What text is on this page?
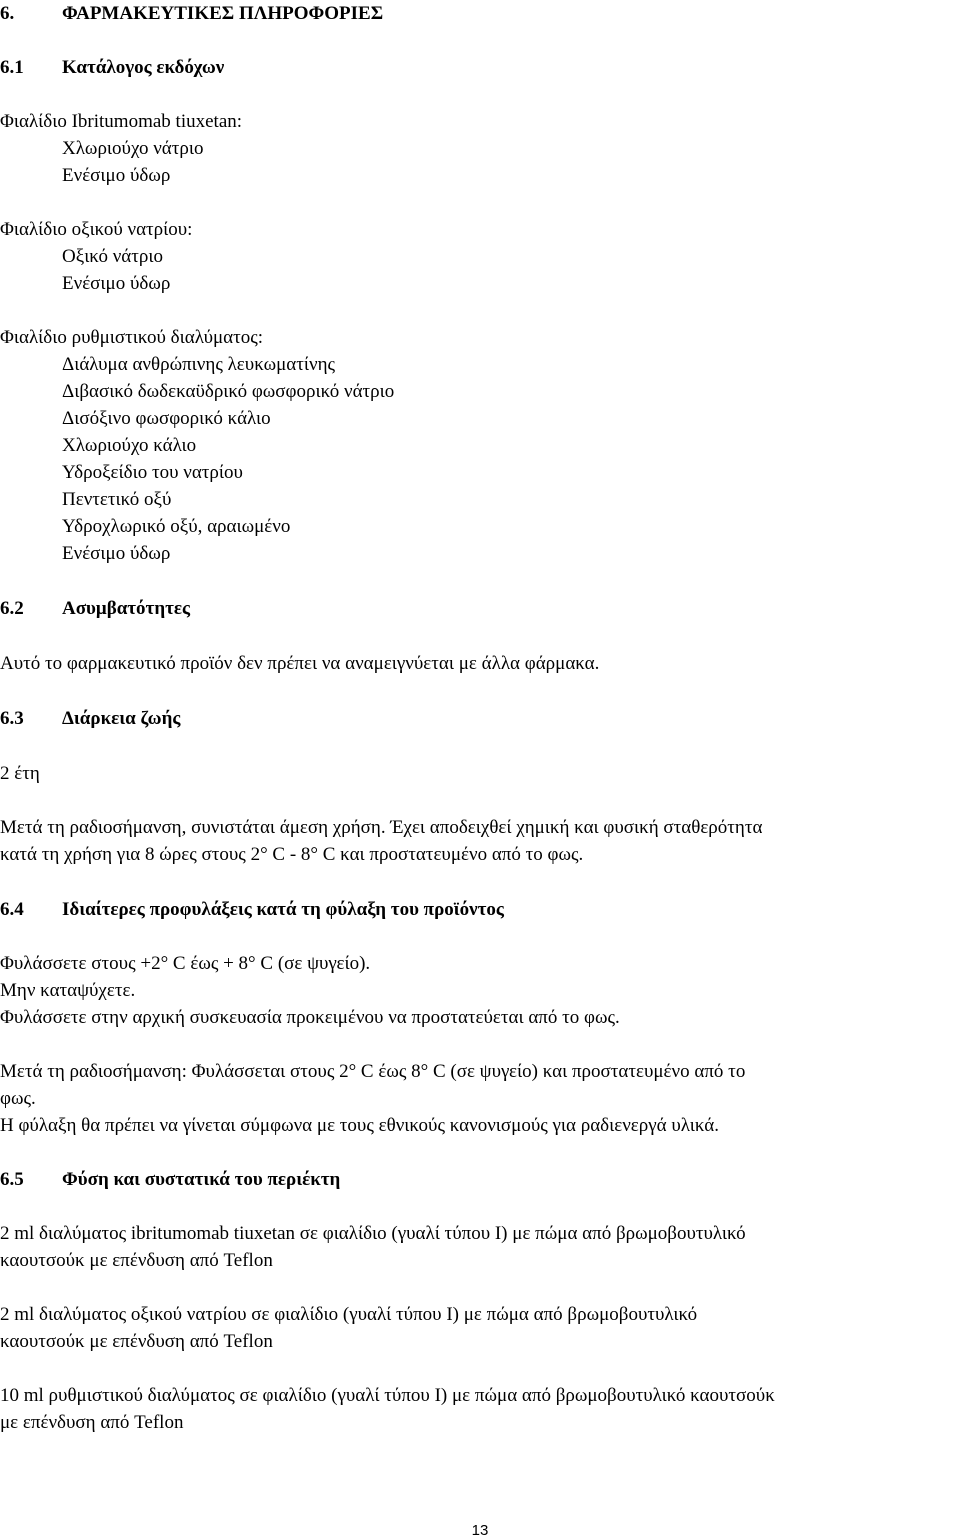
6.	ΦΑΡΜΑΚΕΥΤΙΚΕΣ ΠΛΗΡΟΦΟΡΙΕΣ
6.1 Κατάλογος εκδόχων
Φιαλίδιο Ibritumomab tiuxetan:
Χλωριούχο νάτριο
Ενέσιμο ύδωρ
Φιαλίδιο οξικού νατρίου:
Οξικό νάτριο
Ενέσιμο ύδωρ
Φιαλίδιο ρυθμιστικού διαλύματος:
Διάλυμα ανθρώπινης λευκωματίνης
Διβασικό δωδεκαϋδρικό φωσφορικό νάτριο
Δισόξινο φωσφορικό κάλιο
Χλωριούχο κάλιο
Υδροξείδιο του νατρίου
Πεντετικό οξύ
Υδροχλωρικό οξύ, αραιωμένο
Ενέσιμο ύδωρ
6.2 Ασυμβατότητες
Αυτό το φαρμακευτικό προϊόν δεν πρέπει να αναμειγνύεται με άλλα φάρμακα.
6.3 Διάρκεια ζωής
2 έτη
Μετά τη ραδιοσήμανση, συνιστάται άμεση χρήση. Έχει αποδειχθεί χημική και φυσική σταθερότητα
κατά τη χρήση για 8 ώρες στους 2° C - 8° C και προστατευμένο από το φως.
6.4 Ιδιαίτερες προφυλάξεις κατά τη φύλαξη του προϊόντος
Φυλάσσετε στους +2° C έως + 8° C (σε ψυγείο).
Μην καταψύχετε.
Φυλάσσετε στην αρχική συσκευασία προκειμένου να προστατεύεται από το φως.
Μετά τη ραδιοσήμανση: Φυλάσσεται στους 2° C έως 8° C (σε ψυγείο) και προστατευμένο από το
φως.
Η φύλαξη θα πρέπει να γίνεται σύμφωνα με τους εθνικούς κανονισμούς για ραδιενεργά υλικά.
6.5 Φύση και συστατικά του περιέκτη
2 ml διαλύματος ibritumomab tiuxetan σε φιαλίδιο (γυαλί τύπου I) με πώμα από βρωμοβουτυλικό
καουτσούκ με επένδυση από Teflon
2 ml διαλύματος οξικού νατρίου σε φιαλίδιο (γυαλί τύπου I) με πώμα από βρωμοβουτυλικό
καουτσούκ με επένδυση από Teflon
10 ml ρυθμιστικού διαλύματος σε φιαλίδιο (γυαλί τύπου I) με πώμα από βρωμοβουτυλικό καουτσούκ
με επένδυση από Teflon
13
